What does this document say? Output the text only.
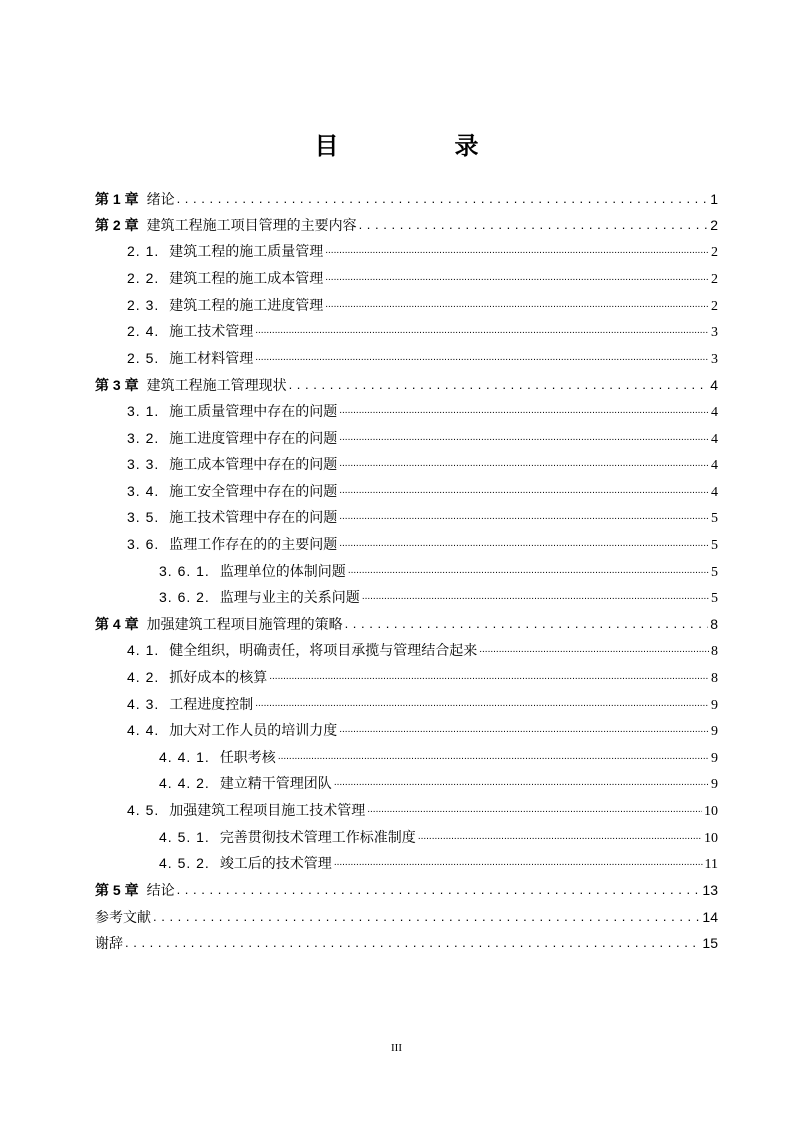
目　录
第 1 章 绪论 . . .	1
第 2 章 建筑工程施工项目管理的主要内容 . . .	2
2. 1. 建筑工程的施工质量管理 .....	2
2. 2. 建筑工程的施工成本管理 .....	2
2. 3. 建筑工程的施工进度管理 .....	2
2. 4. 施工技术管理 .....	3
2. 5. 施工材料管理 .....	3
第 3 章 建筑工程施工管理现状 . . .	4
3. 1. 施工质量管理中存在的问题 .....	4
3. 2. 施工进度管理中存在的问题 .....	4
3. 3. 施工成本管理中存在的问题 .....	4
3. 4. 施工安全管理中存在的问题 .....	4
3. 5. 施工技术管理中存在的问题 .....	5
3. 6. 监理工作存在的的主要问题 .....	5
3. 6. 1. 监理单位的体制问题 .....	5
3. 6. 2. 监理与业主的关系问题 .....	5
第 4 章 加强建筑工程项目施管理的策略 . . .	8
4. 1. 健全组织，明确责任，将项目承揽与管理结合起来 .....	8
4. 2. 抓好成本的核算 .....	8
4. 3. 工程进度控制 .....	9
4. 4. 加大对工作人员的培训力度 .....	9
4. 4. 1. 任职考核 .....	9
4. 4. 2. 建立精干管理团队 .....	9
4. 5. 加强建筑工程项目施工技术管理 .....	10
4. 5. 1. 完善贯彻技术管理工作标准制度 .....	10
4. 5. 2. 竣工后的技术管理 .....	11
第 5 章 结论 . . .	13
参考文献 . . .	14
谢辞 . . .	15
III
